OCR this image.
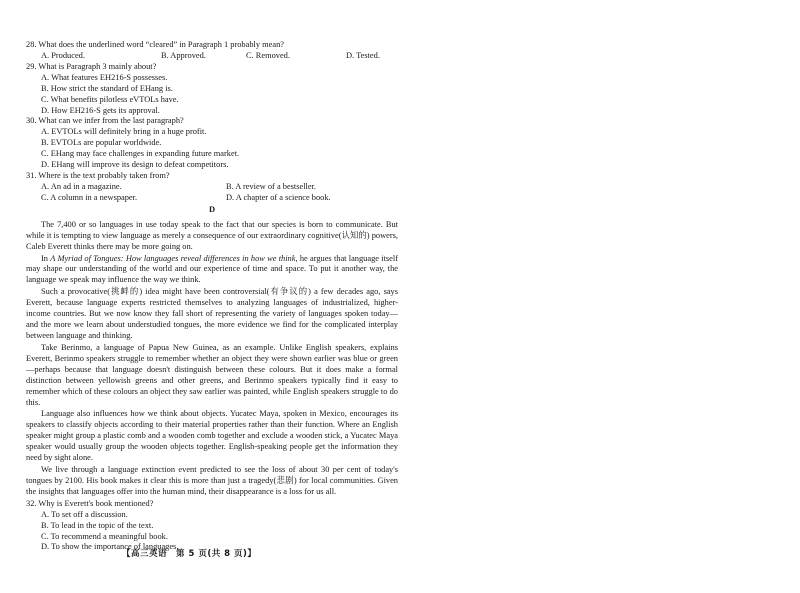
28. What does the underlined word “cleared” in Paragraph 1 probably mean?

A. Produced.	B. Approved.	C. Removed.	D. Tested.

29. What is Paragraph 3 mainly about?

A. What features EH216-S possesses.

B. How strict the standard of EHang is.

C. What benefits pilotless eVTOLs have.

D. How EH216-S gets its approval.

30. What can we infer from the last paragraph?

A. EVTOLs will definitely bring in a huge profit.

B. EVTOLs are popular worldwide.

C. EHang may face challenges in expanding future market.

D. EHang will improve its design to defeat competitors.

31. Where is the text probably taken from?

A. An ad in a magazine.	B. A review of a bestseller.
C. A column in a newspaper.	D. A chapter of a science book.
D

The 7,400 or so languages in use today speak to the fact that our species is born to communicate. But while it is tempting to view language as merely a consequence of our extraordinary cognitive(认知的) powers, Caleb Everett thinks there may be more going on.

In A Myriad of Tongues: How languages reveal differences in how we think, he argues that language itself may shape our understanding of the world and our experience of time and space. To put it another way, the language we speak may influence the way we think.

Such a provocative(挑衅的) idea might have been controversial(有争议的) a few decades ago, says Everett, because language experts restricted themselves to analyzing languages of industrialized, higher-income countries. But we now know they fall short of representing the variety of languages spoken today—and the more we learn about understudied tongues, the more evidence we find for the complicated interplay between language and thinking.

Take Berinmo, a language of Papua New Guinea, as an example. Unlike English speakers, explains Everett, Berinmo speakers struggle to remember whether an object they were shown earlier was blue or green—perhaps because that language doesn't distinguish between these colours. But it does make a formal distinction between yellowish greens and other greens, and Berinmo speakers typically find it easy to remember which of these colours an object they saw earlier was painted, while English speakers struggle to do this.

Language also influences how we think about objects. Yucatec Maya, spoken in Mexico, encourages its speakers to classify objects according to their material properties rather than their function. Where an English speaker might group a plastic comb and a wooden comb together and exclude a wooden stick, a Yucatec Maya speaker would usually group the wooden objects together. English-speaking people get the information they need by sight alone.

We live through a language extinction event predicted to see the loss of about 30 per cent of today's tongues by 2100. His book makes it clear this is more than just a tragedy(悲剧) for local communities. Given the insights that languages offer into the human mind, their disappearance is a loss for us all.

32. Why is Everett's book mentioned?

A. To set off a discussion.

B. To lead in the topic of the text.

C. To recommend a meaningful book.

D. To show the importance of languages.

【高三英语　第 5 页(共 8 页)】
